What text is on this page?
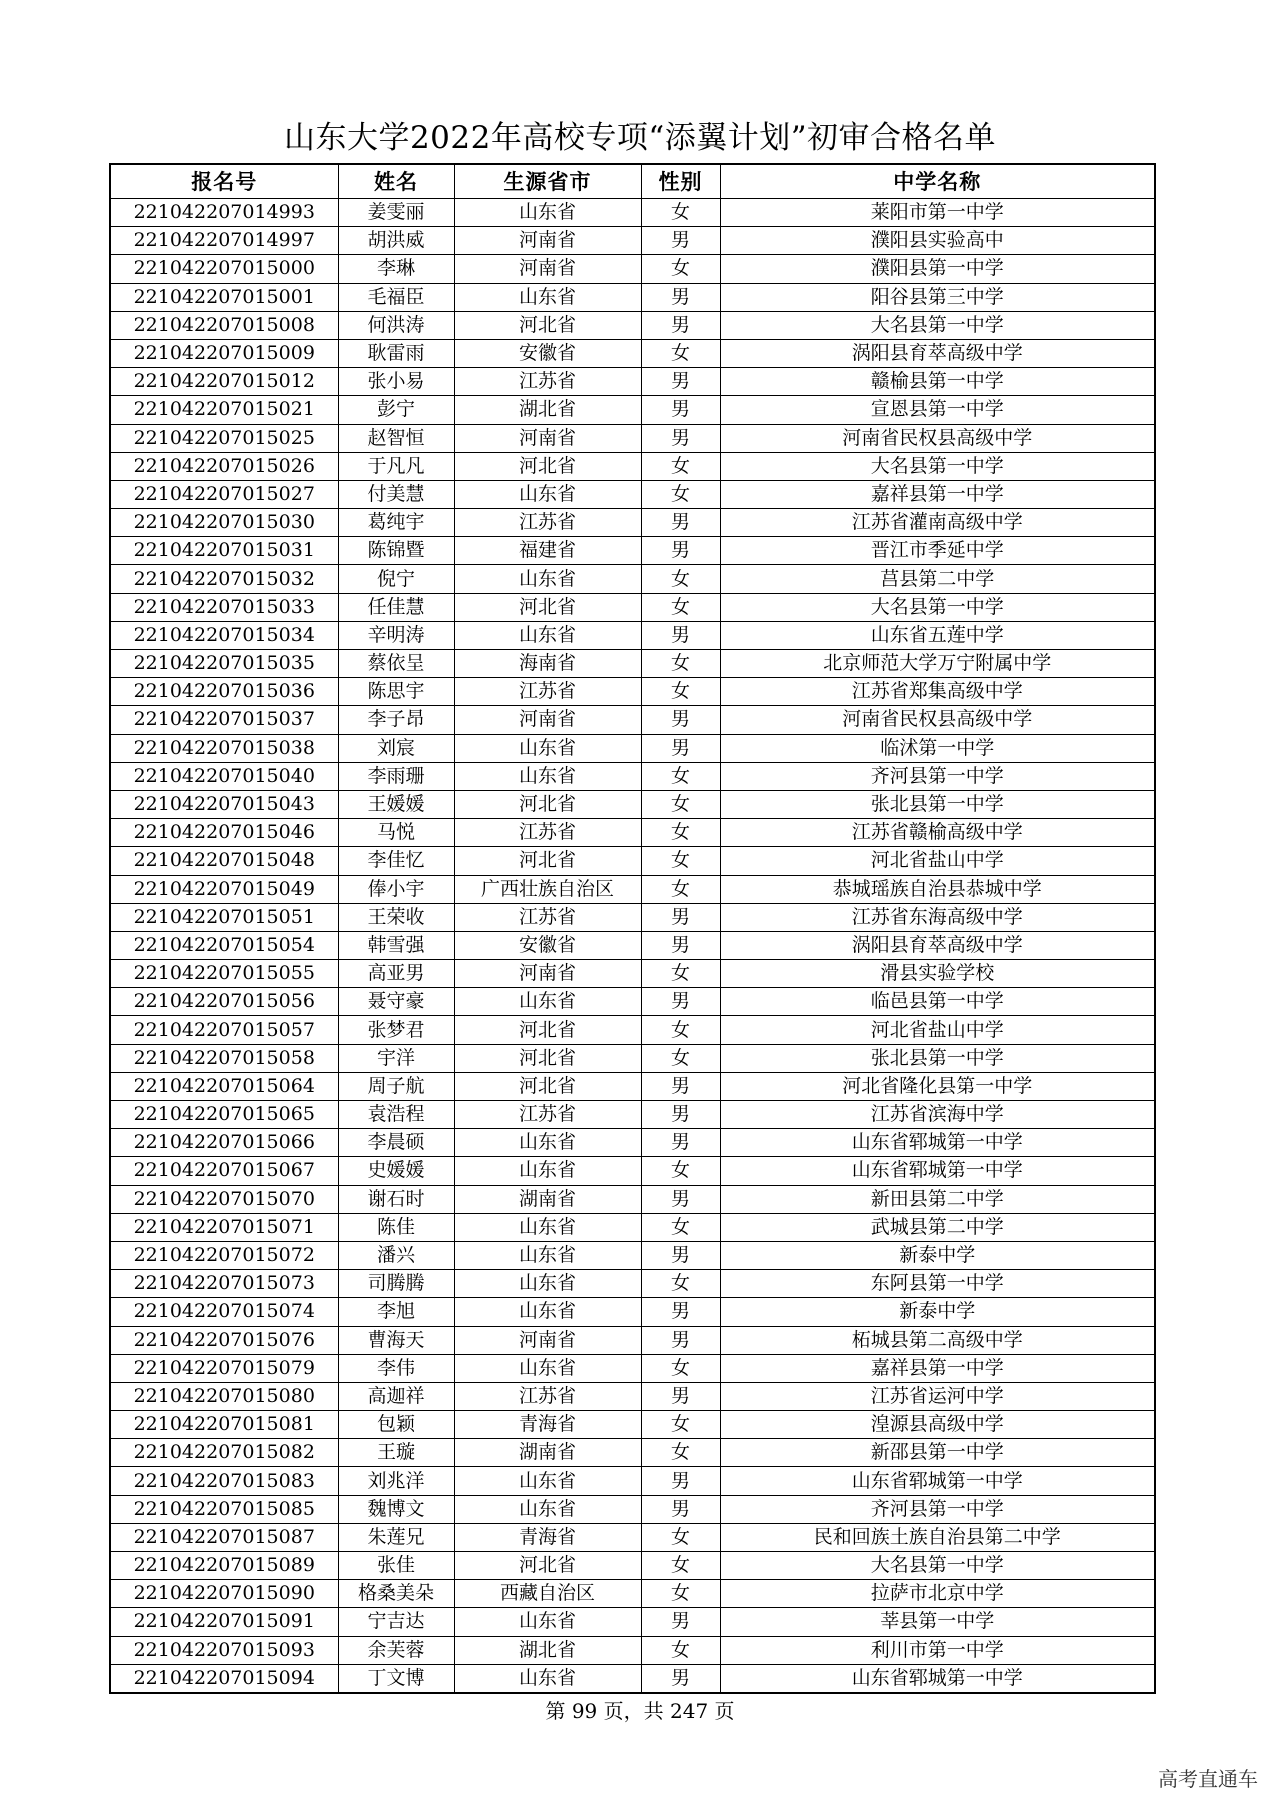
山东大学2022年高校专项“添翼计划”初审合格名单
报名号	姓名	生源省市	性别	中学名称
221042207014993	姜雯丽	山东省	女	莱阳市第一中学
221042207014997	胡洪威	河南省	男	濮阳县实验高中
221042207015000	李琳	河南省	女	濮阳县第一中学
221042207015001	毛福臣	山东省	男	阳谷县第三中学
221042207015008	何洪涛	河北省	男	大名县第一中学
221042207015009	耿雷雨	安徽省	女	涡阳县育萃高级中学
221042207015012	张小易	江苏省	男	赣榆县第一中学
221042207015021	彭宁	湖北省	男	宣恩县第一中学
221042207015025	赵智恒	河南省	男	河南省民权县高级中学
221042207015026	于凡凡	河北省	女	大名县第一中学
221042207015027	付美慧	山东省	女	嘉祥县第一中学
221042207015030	葛纯宇	江苏省	男	江苏省灌南高级中学
221042207015031	陈锦暨	福建省	男	晋江市季延中学
221042207015032	倪宁	山东省	女	莒县第二中学
221042207015033	任佳慧	河北省	女	大名县第一中学
221042207015034	辛明涛	山东省	男	山东省五莲中学
221042207015035	蔡依呈	海南省	女	北京师范大学万宁附属中学
221042207015036	陈思宇	江苏省	女	江苏省郑集高级中学
221042207015037	李子昂	河南省	男	河南省民权县高级中学
221042207015038	刘宸	山东省	男	临沭第一中学
221042207015040	李雨珊	山东省	女	齐河县第一中学
221042207015043	王媛媛	河北省	女	张北县第一中学
221042207015046	马悦	江苏省	女	江苏省赣榆高级中学
221042207015048	李佳忆	河北省	女	河北省盐山中学
221042207015049	俸小宇	广西壮族自治区	女	恭城瑶族自治县恭城中学
221042207015051	王荣收	江苏省	男	江苏省东海高级中学
221042207015054	韩雪强	安徽省	男	涡阳县育萃高级中学
221042207015055	高亚男	河南省	女	滑县实验学校
221042207015056	聂守豪	山东省	男	临邑县第一中学
221042207015057	张梦君	河北省	女	河北省盐山中学
221042207015058	宇洋	河北省	女	张北县第一中学
221042207015064	周子航	河北省	男	河北省隆化县第一中学
221042207015065	袁浩程	江苏省	男	江苏省滨海中学
221042207015066	李晨硕	山东省	男	山东省郓城第一中学
221042207015067	史媛媛	山东省	女	山东省郓城第一中学
221042207015070	谢石时	湖南省	男	新田县第二中学
221042207015071	陈佳	山东省	女	武城县第二中学
221042207015072	潘兴	山东省	男	新泰中学
221042207015073	司腾腾	山东省	女	东阿县第一中学
221042207015074	李旭	山东省	男	新泰中学
221042207015076	曹海天	河南省	男	柘城县第二高级中学
221042207015079	李伟	山东省	女	嘉祥县第一中学
221042207015080	高迦祥	江苏省	男	江苏省运河中学
221042207015081	包颖	青海省	女	湟源县高级中学
221042207015082	王璇	湖南省	女	新邵县第一中学
221042207015083	刘兆洋	山东省	男	山东省郓城第一中学
221042207015085	魏博文	山东省	男	齐河县第一中学
221042207015087	朱莲兄	青海省	女	民和回族土族自治县第二中学
221042207015089	张佳	河北省	女	大名县第一中学
221042207015090	格桑美朵	西藏自治区	女	拉萨市北京中学
221042207015091	宁吉达	山东省	男	莘县第一中学
221042207015093	余芙蓉	湖北省	女	利川市第一中学
221042207015094	丁文博	山东省	男	山东省郓城第一中学
第 99 页，共 247 页
高考直通车
